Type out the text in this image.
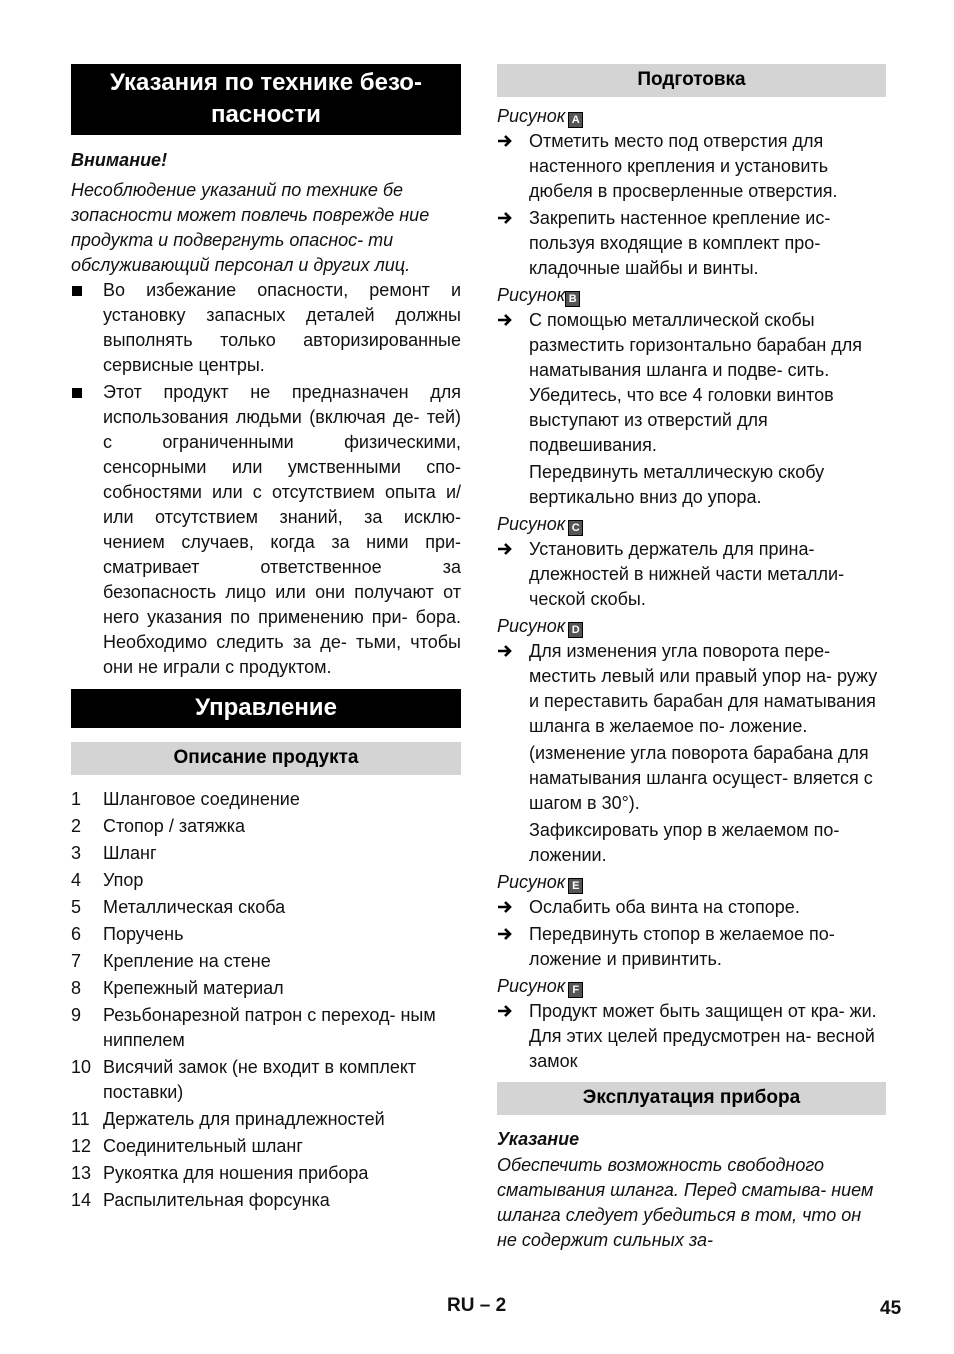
Указания по технике безо-
пасности

Внимание!

Несоблюдение указаний по технике бе зопасности может повлечь поврежде ние продукта и подвергнуть опаснос- ти обслуживающий персонал и других лиц.

Во избежание опасности, ремонт и установку запасных деталей должны выполнять только авторизированные сервисные центры.
Этот продукт не предназначен для использования людьми (включая де- тей) с ограниченными физическими, сенсорными или умственными спо- собностями или с отсутствием опыта и/или отсутствием знаний, за исклю- чением случаев, когда за ними при- сматривает ответственное за безопасность лицо или они получают от него указания по применению при- бора. Необходимо следить за де- тьми, чтобы они не играли с продуктом.
Управление
Описание продукта
1	Шланговое соединение
2	Стопор / затяжка
3	Шланг
4	Упор
5	Металлическая скоба
6	Поручень
7	Крепление на стене
8	Крепежный материал
9	Резьбонарезной патрон с переход- ным ниппелем
10 Висячий замок (не входит в комплект поставки)
11 Держатель для принадлежностей
12 Соединительный шланг
13 Рукоятка для ношения прибора
14 Распылительная форсунка
Подготовка
Рисунок A
Отметить место под отверстия для настенного крепления и установить дюбеля в просверленные отверстия.
Закрепить настенное крепление ис- пользуя входящие в комплект про- кладочные шайбы и винты.
Рисунок B
С помощью металлической скобы разместить горизонтально барабан для наматывания шланга и подве- сить. Убедитесь, что все 4 головки винтов выступают из отверстий для подвешивания.
Передвинуть металлическую скобу вертикально вниз до упора.
Рисунок C
Установить держатель для прина- длежностей в нижней части металли- ческой скобы.
Рисунок D
Для изменения угла поворота пере- местить левый или правый упор на- ружу и переставить барабан для наматывания шланга в желаемое по- ложение.
(изменение угла поворота барабана для наматывания шланга осущест- вляется с шагом в 30°).
Зафиксировать упор в желаемом по- ложении.
Рисунок E
Ослабить оба винта на стопоре.
Передвинуть стопор в желаемое по- ложение и привинтить.
Рисунок F
Продукт может быть защищен от кра- жи. Для этих целей предусмотрен на- весной замок
Эксплуатация прибора

Указание

Обеспечить возможность свободного сматывания шланга. Перед сматыва- нием шланга следует убедиться в том, что он не содержит сильных за-

RU – 2	45
